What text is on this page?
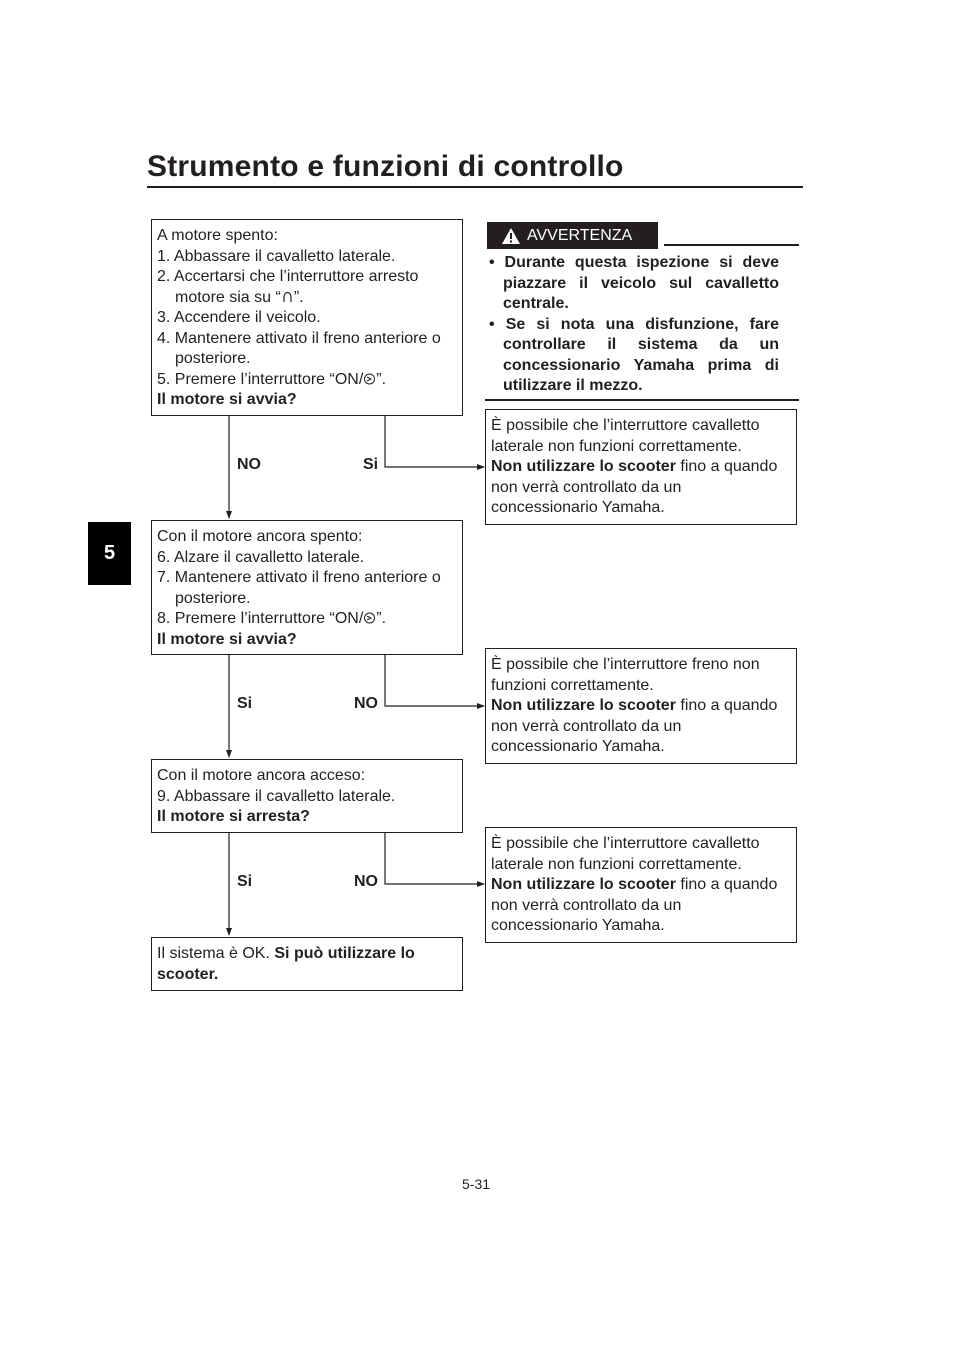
Strumento e funzioni di controllo
5
A motore spento:
1. Abbassare il cavalletto laterale.
2. Accertarsi che l’interruttore arresto
motore sia su “ ”.
3. Accendere il veicolo.
4. Mantenere attivato il freno anteriore o
posteriore.
5. Premere l’interruttore “ON/ ”.
Il motore si avvia?
NO	Si
AVVERTENZA
• Durante questa ispezione si deve piazzare il veicolo sul cavalletto centrale.
• Se si nota una disfunzione, fare controllare il sistema da un concessionario Yamaha prima di utilizzare il mezzo.
È possibile che l’interruttore cavalletto
laterale non funzioni correttamente.
Non utilizzare lo scooter fino a quando
non verrà controllato da un
concessionario Yamaha.
Con il motore ancora spento:
6. Alzare il cavalletto laterale.
7. Mantenere attivato il freno anteriore o
posteriore.
8. Premere l’interruttore “ON/ ”.
Il motore si avvia?
Si	NO
È possibile che l’interruttore freno non
funzioni correttamente.
Non utilizzare lo scooter fino a quando
non verrà controllato da un
concessionario Yamaha.
Con il motore ancora acceso:
9. Abbassare il cavalletto laterale.
Il motore si arresta?
Si	NO
È possibile che l’interruttore cavalletto
laterale non funzioni correttamente.
Non utilizzare lo scooter fino a quando
non verrà controllato da un
concessionario Yamaha.
Il sistema è OK. Si può utilizzare lo scooter.
5-31
